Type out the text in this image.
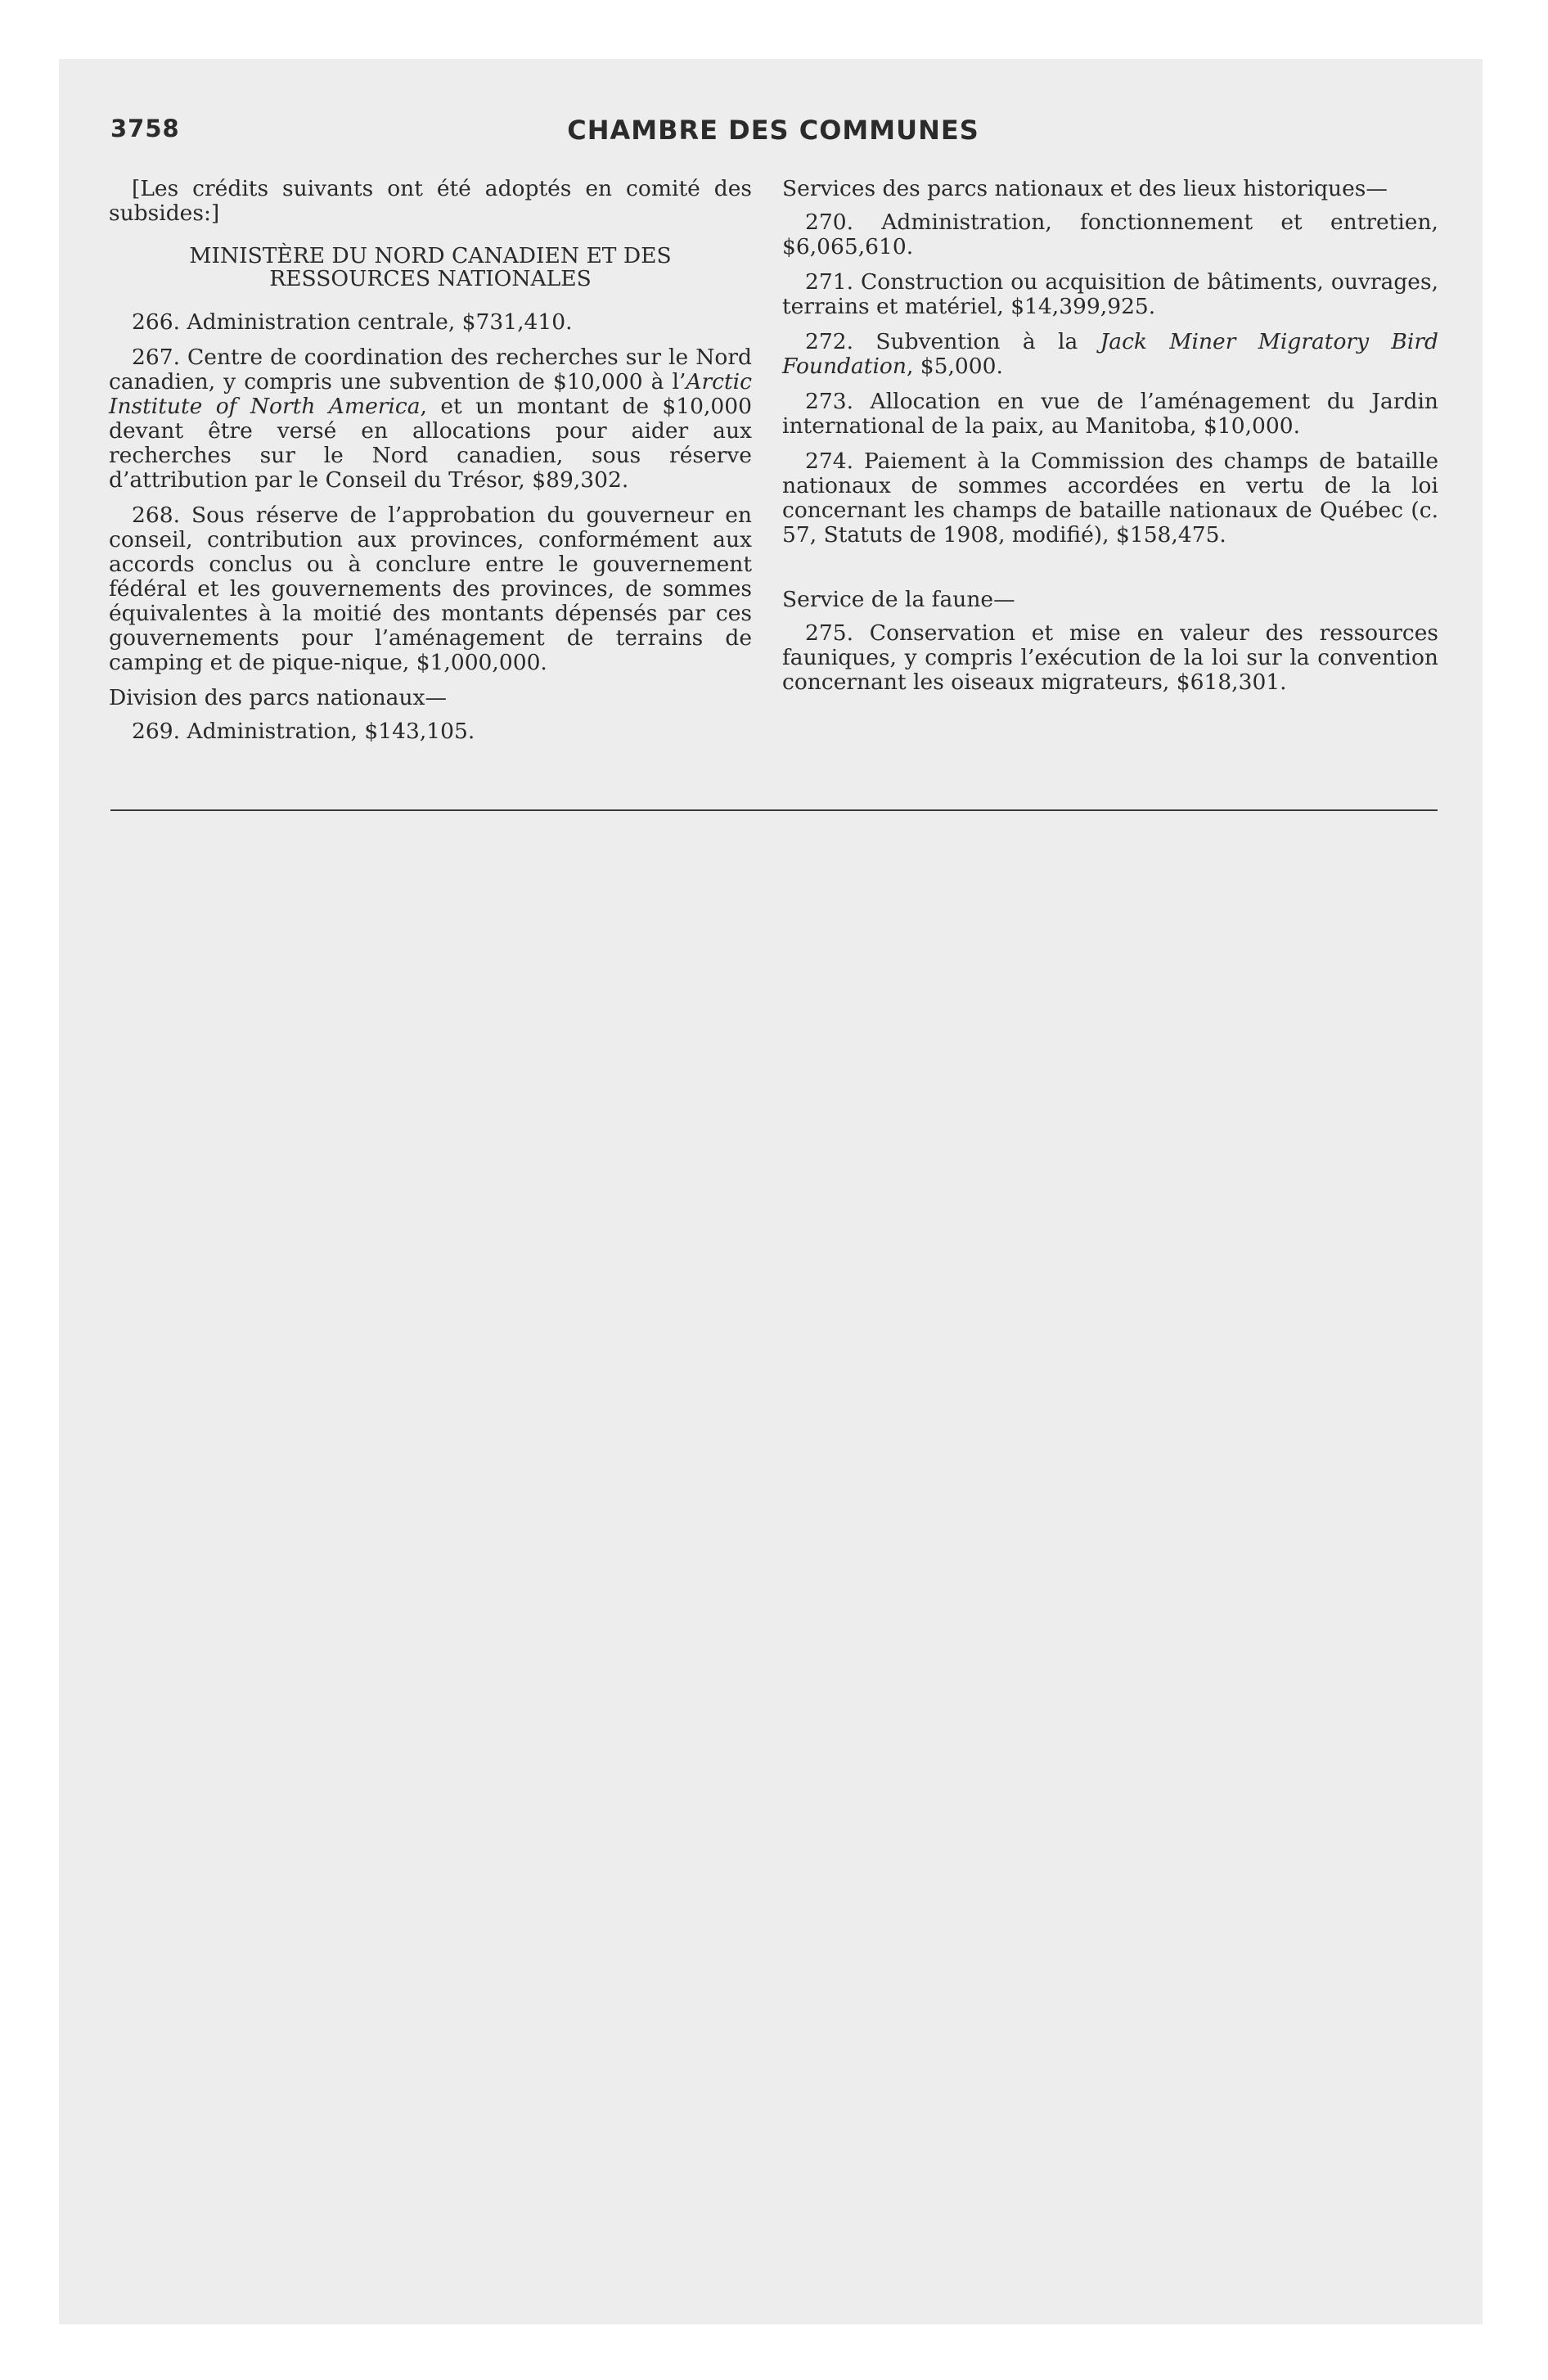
3758	CHAMBRE DES COMMUNES

[Les crédits suivants ont été adoptés en comité des subsides:]

MINISTÈRE DU NORD CANADIEN ET DES RESSOURCES NATIONALES

266. Administration centrale, $731,410.

267. Centre de coordination des recherches sur le Nord canadien, y compris une subvention de $10,000 à l’Arctic Institute of North America, et un montant de $10,000 devant être versé en allocations pour aider aux recherches sur le Nord canadien, sous réserve d’attribution par le Conseil du Trésor, $89,302.

268. Sous réserve de l’approbation du gouverneur en conseil, contribution aux provinces, conformément aux accords conclus ou à conclure entre le gouvernement fédéral et les gouvernements des provinces, de sommes équivalentes à la moitié des montants dépensés par ces gouvernements pour l’aménagement de terrains de camping et de pique-nique, $1,000,000.

Division des parcs nationaux—

269. Administration, $143,105.

Services des parcs nationaux et des lieux historiques—

270. Administration, fonctionnement et entretien, $6,065,610.

271. Construction ou acquisition de bâtiments, ouvrages, terrains et matériel, $14,399,925.

272. Subvention à la Jack Miner Migratory Bird Foundation, $5,000.

273. Allocation en vue de l’aménagement du Jardin international de la paix, au Manitoba, $10,000.

274. Paiement à la Commission des champs de bataille nationaux de sommes accordées en vertu de la loi concernant les champs de bataille nationaux de Québec (c. 57, Statuts de 1908, modifié), $158,475.

Service de la faune—

275. Conservation et mise en valeur des ressources fauniques, y compris l’exécution de la loi sur la convention concernant les oiseaux migrateurs, $618,301.
